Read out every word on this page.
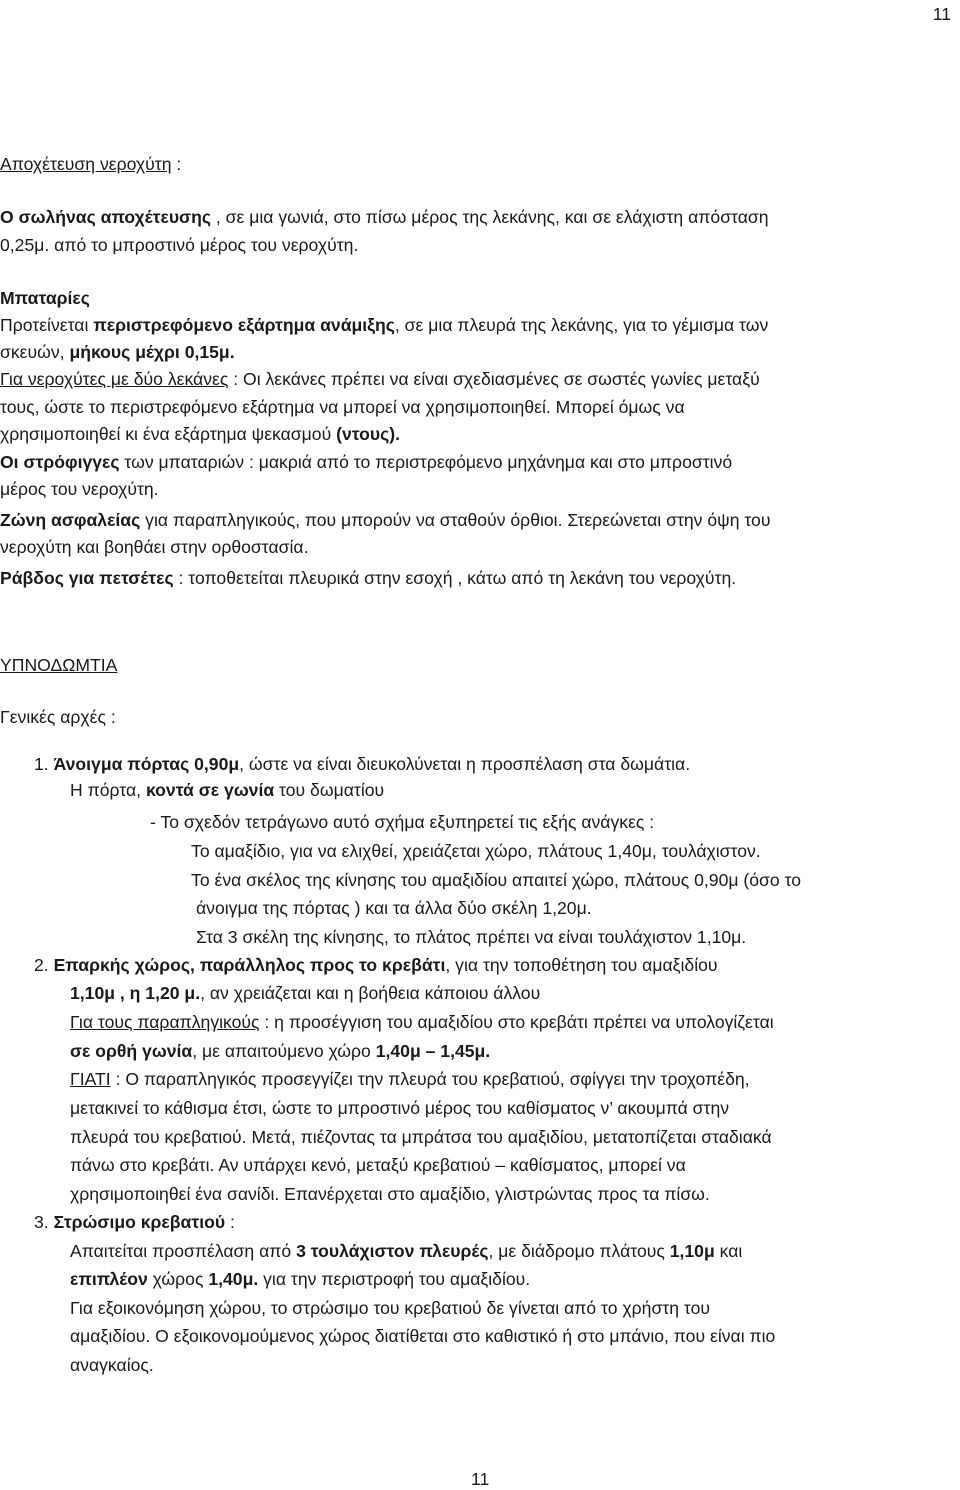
11
Αποχέτευση νεροχύτη :
Ο σωλήνας αποχέτευσης , σε μια γωνιά, στο πίσω μέρος της λεκάνης, και σε ελάχιστη απόσταση
0,25μ. από το μπροστινό μέρος του νεροχύτη.
Μπαταρίες
Προτείνεται περιστρεφόμενο εξάρτημα ανάμιξης, σε μια πλευρά της λεκάνης, για το γέμισμα των
σκευών, μήκους μέχρι 0,15μ.
Για νεροχύτες με δύο λεκάνες : Οι λεκάνες πρέπει να είναι σχεδιασμένες σε σωστές γωνίες μεταξύ
τους, ώστε το περιστρεφόμενο εξάρτημα να μπορεί να χρησιμοποιηθεί. Μπορεί όμως να
χρησιμοποιηθεί κι ένα εξάρτημα ψεκασμού (ντους).
Οι στρόφιγγες των μπαταριών : μακριά από το περιστρεφόμενο μηχάνημα και στο μπροστινό
μέρος του νεροχύτη.
Ζώνη ασφαλείας για παραπληγικούς, που μπορούν να σταθούν όρθιοι. Στερεώνεται στην όψη του
νεροχύτη και βοηθάει στην ορθοστασία.
Ράβδος για πετσέτες : τοποθετείται πλευρικά στην εσοχή , κάτω από τη λεκάνη του νεροχύτη.
ΥΠΝΟΔΩΜΤΙΑ
Γενικές αρχές :
1. Άνοιγμα πόρτας 0,90μ, ώστε να είναι διευκολύνεται η προσπέλαση στα δωμάτια.
Η πόρτα, κοντά σε γωνία του δωματίου
- Το σχεδόν τετράγωνο αυτό σχήμα εξυπηρετεί τις εξής ανάγκες :
Το αμαξίδιο, για να ελιχθεί, χρειάζεται χώρο, πλάτους 1,40μ, τουλάχιστον.
Το ένα σκέλος της κίνησης του αμαξιδίου απαιτεί χώρο, πλάτους 0,90μ (όσο το
άνοιγμα της πόρτας ) και τα άλλα δύο σκέλη 1,20μ.
Στα 3 σκέλη της κίνησης, το πλάτος πρέπει να είναι τουλάχιστον 1,10μ.
2. Επαρκής χώρος, παράλληλος προς το κρεβάτι, για την τοποθέτηση του αμαξιδίου
1,10μ , η 1,20 μ., αν χρειάζεται και η βοήθεια κάποιου άλλου
Για τους παραπληγικούς : η προσέγγιση του αμαξιδίου στο κρεβάτι πρέπει να υπολογίζεται
σε ορθή γωνία, με απαιτούμενο χώρο 1,40μ – 1,45μ.
ΓΙΑΤΙ : Ο παραπληγικός προσεγγίζει την πλευρά του κρεβατιού, σφίγγει την τροχοπέδη,
μετακινεί το κάθισμα έτσι, ώστε το μπροστινό μέρος του καθίσματος ν’ ακουμπά στην
πλευρά του κρεβατιού. Μετά, πιέζοντας τα μπράτσα του αμαξιδίου, μετατοπίζεται σταδιακά
πάνω στο κρεβάτι. Αν υπάρχει κενό, μεταξύ κρεβατιού – καθίσματος, μπορεί να
χρησιμοποιηθεί ένα σανίδι. Επανέρχεται στο αμαξίδιο, γλιστρώντας προς τα πίσω.
3. Στρώσιμο κρεβατιού :
Απαιτείται προσπέλαση από 3 τουλάχιστον πλευρές, με διάδρομο πλάτους 1,10μ και
επιπλέον χώρος 1,40μ. για την περιστροφή του αμαξιδίου.
Για εξοικονόμηση χώρου, το στρώσιμο του κρεβατιού δε γίνεται από το χρήστη του
αμαξιδίου. Ο εξοικονομούμενος χώρος διατίθεται στο καθιστικό ή στο μπάνιο, που είναι πιο
αναγκαίος.
11
